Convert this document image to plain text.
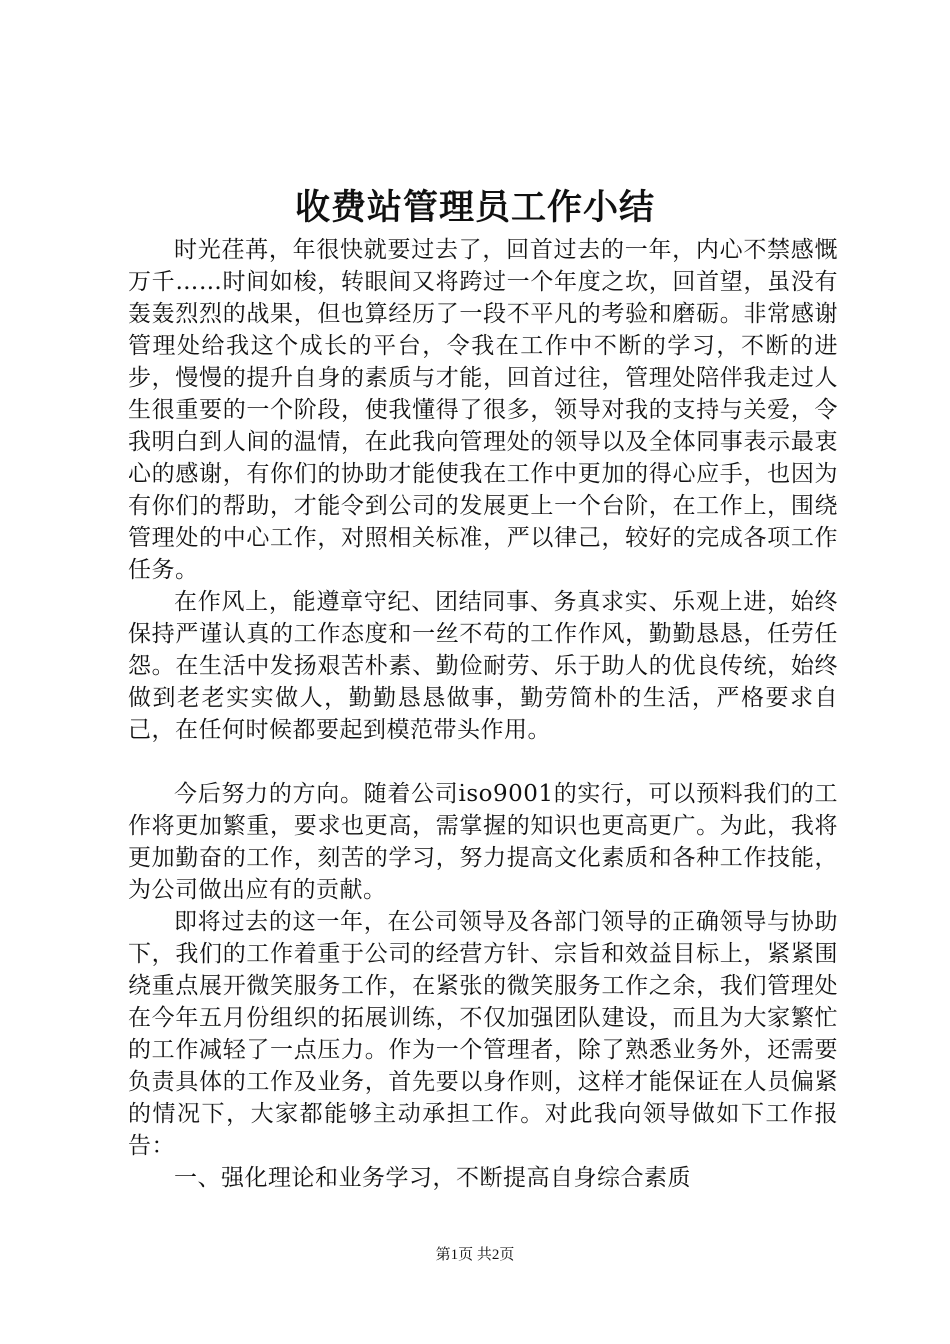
收费站管理员工作小结

时光荏苒，年很快就要过去了，回首过去的一年，内心不禁感慨万千……时间如梭，转眼间又将跨过一个年度之坎，回首望，虽没有轰轰烈烈的战果，但也算经历了一段不平凡的考验和磨砺。非常感谢管理处给我这个成长的平台，令我在工作中不断的学习，不断的进步，慢慢的提升自身的素质与才能，回首过往，管理处陪伴我走过人生很重要的一个阶段，使我懂得了很多，领导对我的支持与关爱，令我明白到人间的温情，在此我向管理处的领导以及全体同事表示最衷心的感谢，有你们的协助才能使我在工作中更加的得心应手，也因为有你们的帮助，才能令到公司的发展更上一个台阶，在工作上，围绕管理处的中心工作，对照相关标准，严以律己，较好的完成各项工作任务。

在作风上，能遵章守纪、团结同事、务真求实、乐观上进，始终保持严谨认真的工作态度和一丝不苟的工作作风，勤勤恳恳，任劳任怨。在生活中发扬艰苦朴素、勤俭耐劳、乐于助人的优良传统，始终做到老老实实做人，勤勤恳恳做事，勤劳简朴的生活，严格要求自己，在任何时候都要起到模范带头作用。

今后努力的方向。随着公司iso9001的实行，可以预料我们的工作将更加繁重，要求也更高，需掌握的知识也更高更广。为此，我将更加勤奋的工作，刻苦的学习，努力提高文化素质和各种工作技能，为公司做出应有的贡献。

即将过去的这一年，在公司领导及各部门领导的正确领导与协助下，我们的工作着重于公司的经营方针、宗旨和效益目标上，紧紧围绕重点展开微笑服务工作，在紧张的微笑服务工作之余，我们管理处在今年五月份组织的拓展训练，不仅加强团队建设，而且为大家繁忙的工作减轻了一点压力。作为一个管理者，除了熟悉业务外，还需要负责具体的工作及业务，首先要以身作则，这样才能保证在人员偏紧的情况下，大家都能够主动承担工作。对此我向领导做如下工作报告：

一、强化理论和业务学习，不断提高自身综合素质

第1页 共2页
